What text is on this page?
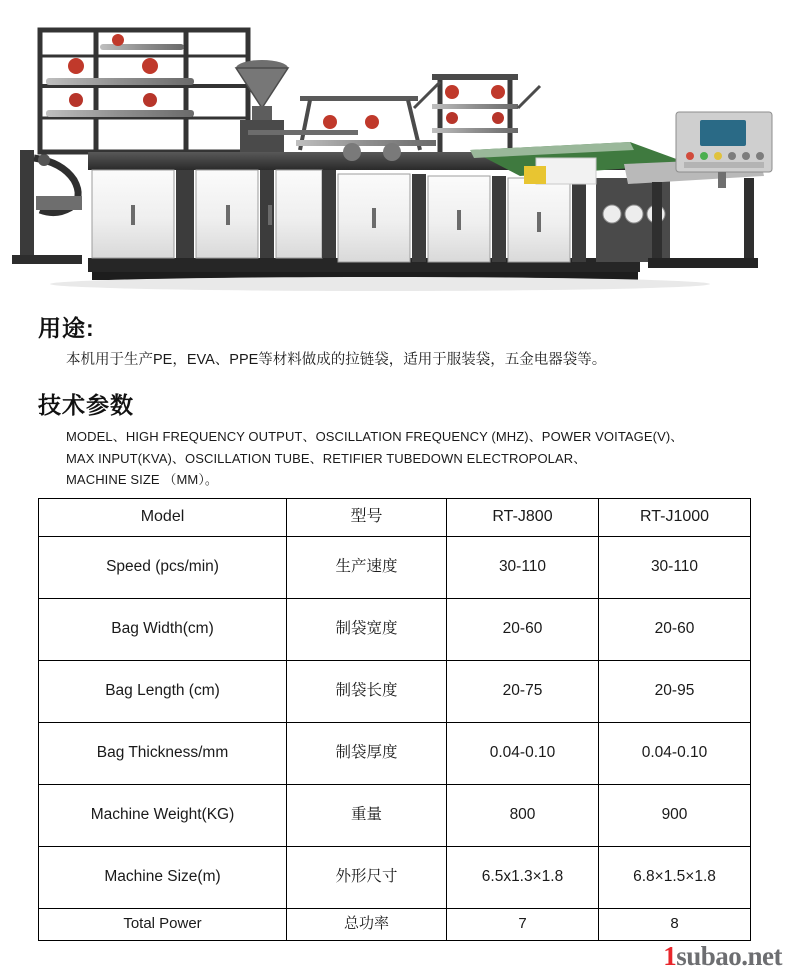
用途:

本机用于生产PE，EVA、PPE等材料做成的拉链袋，适用于服装袋，五金电器袋等。

技术参数
MODEL、HIGH FREQUENCY OUTPUT、OSCILLATION FREQUENCY (MHZ)、POWER VOITAGE(V)、
MAX INPUT(KVA)、OSCILLATION TUBE、RETIFIER TUBEDOWN ELECTROPOLAR、
MACHINE SIZE （MM）。
Model	型号	RT-J800	RT-J1000
Speed (pcs/min)	生产速度	30-110	30-110
Bag Width(cm)	制袋宽度	20-60	20-60
Bag Length (cm)	制袋长度	20-75	20-95
Bag Thickness/mm	制袋厚度	0.04-0.10	0.04-0.10
Machine Weight(KG)	重量	800	900
Machine Size(m)	外形尺寸	6.5x1.3×1.8	6.8×1.5×1.8
Total Power	总功率	7	8
1subao.net
